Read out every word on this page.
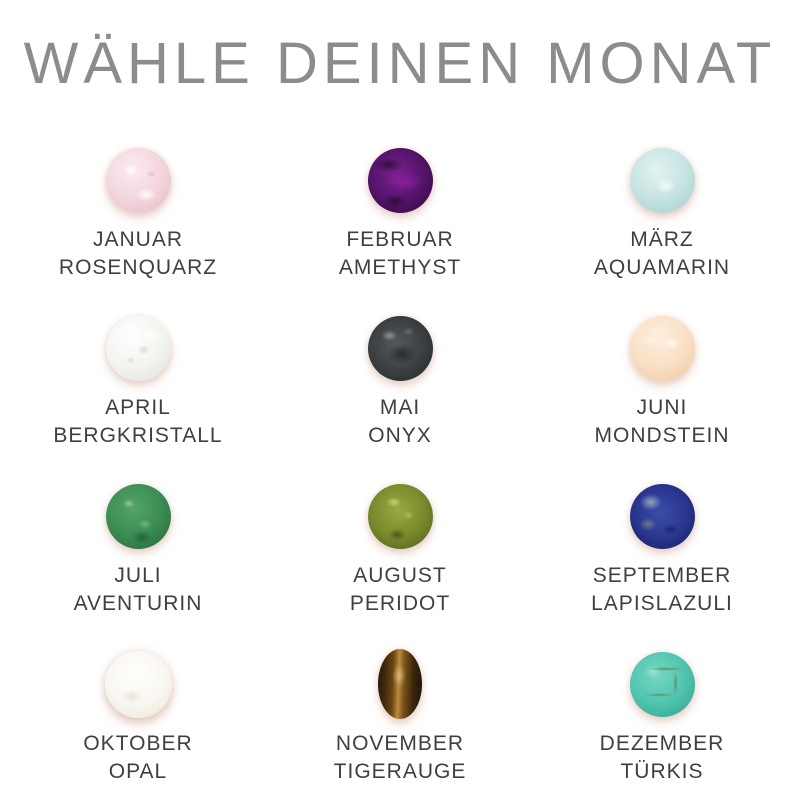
WÄHLE DEINEN MONAT
JANUAR
ROSENQUARZ
FEBRUAR
AMETHYST
MÄRZ
AQUAMARIN
APRIL
BERGKRISTALL
MAI
ONYX
JUNI
MONDSTEIN
JULI
AVENTURIN
AUGUST
PERIDOT
SEPTEMBER
LAPISLAZULI
OKTOBER
OPAL
NOVEMBER
TIGERAUGE
DEZEMBER
TÜRKIS
